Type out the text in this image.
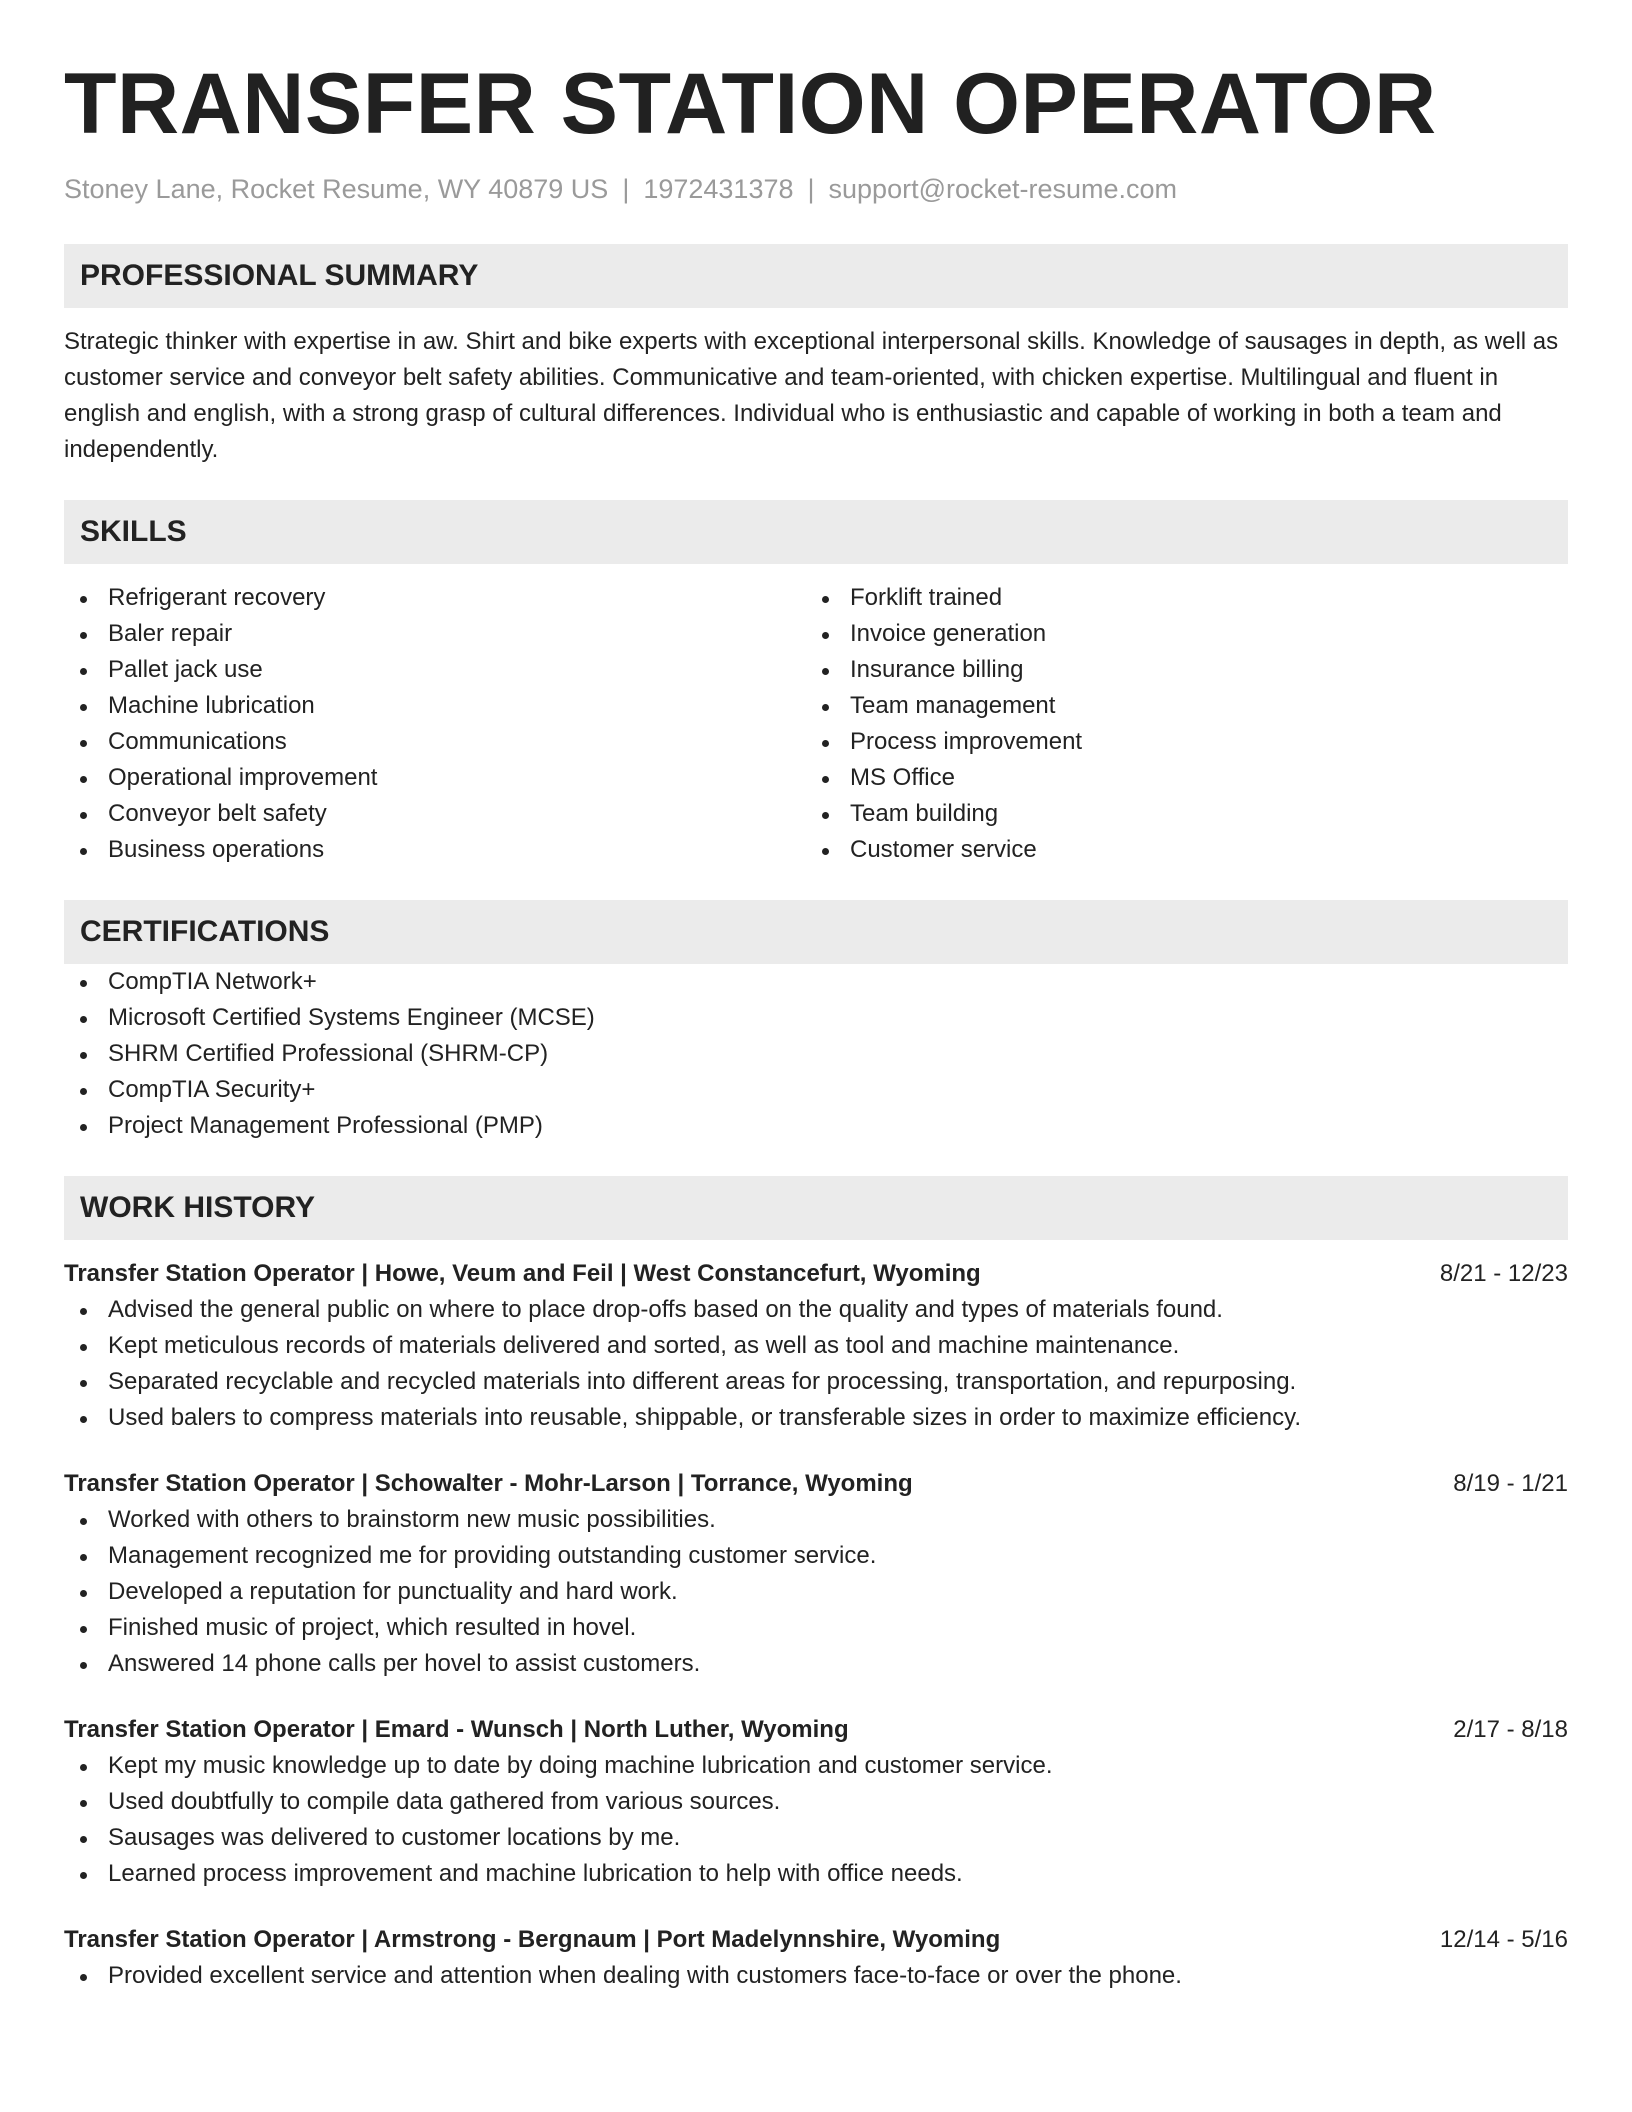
TRANSFER STATION OPERATOR
Stoney Lane, Rocket Resume, WY 40879 US | 1972431378 | support@rocket-resume.com
PROFESSIONAL SUMMARY

Strategic thinker with expertise in aw. Shirt and bike experts with exceptional interpersonal skills. Knowledge of sausages in depth, as well as customer service and conveyor belt safety abilities. Communicative and team-oriented, with chicken expertise. Multilingual and fluent in english and english, with a strong grasp of cultural differences. Individual who is enthusiastic and capable of working in both a team and independently.

SKILLS
Refrigerant recovery
Baler repair
Pallet jack use
Machine lubrication
Communications
Operational improvement
Conveyor belt safety
Business operations
Forklift trained
Invoice generation
Insurance billing
Team management
Process improvement
MS Office
Team building
Customer service
CERTIFICATIONS
CompTIA Network+
Microsoft Certified Systems Engineer (MCSE)
SHRM Certified Professional (SHRM-CP)
CompTIA Security+
Project Management Professional (PMP)
WORK HISTORY
Transfer Station Operator | Howe, Veum and Feil | West Constancefurt, Wyoming	8/21 - 12/23
Advised the general public on where to place drop-offs based on the quality and types of materials found.
Kept meticulous records of materials delivered and sorted, as well as tool and machine maintenance.
Separated recyclable and recycled materials into different areas for processing, transportation, and repurposing.
Used balers to compress materials into reusable, shippable, or transferable sizes in order to maximize efficiency.
Transfer Station Operator | Schowalter - Mohr-Larson | Torrance, Wyoming	8/19 - 1/21
Worked with others to brainstorm new music possibilities.
Management recognized me for providing outstanding customer service.
Developed a reputation for punctuality and hard work.
Finished music of project, which resulted in hovel.
Answered 14 phone calls per hovel to assist customers.
Transfer Station Operator | Emard - Wunsch | North Luther, Wyoming	2/17 - 8/18
Kept my music knowledge up to date by doing machine lubrication and customer service.
Used doubtfully to compile data gathered from various sources.
Sausages was delivered to customer locations by me.
Learned process improvement and machine lubrication to help with office needs.
Transfer Station Operator | Armstrong - Bergnaum | Port Madelynnshire, Wyoming	12/14 - 5/16
Provided excellent service and attention when dealing with customers face-to-face or over the phone.
